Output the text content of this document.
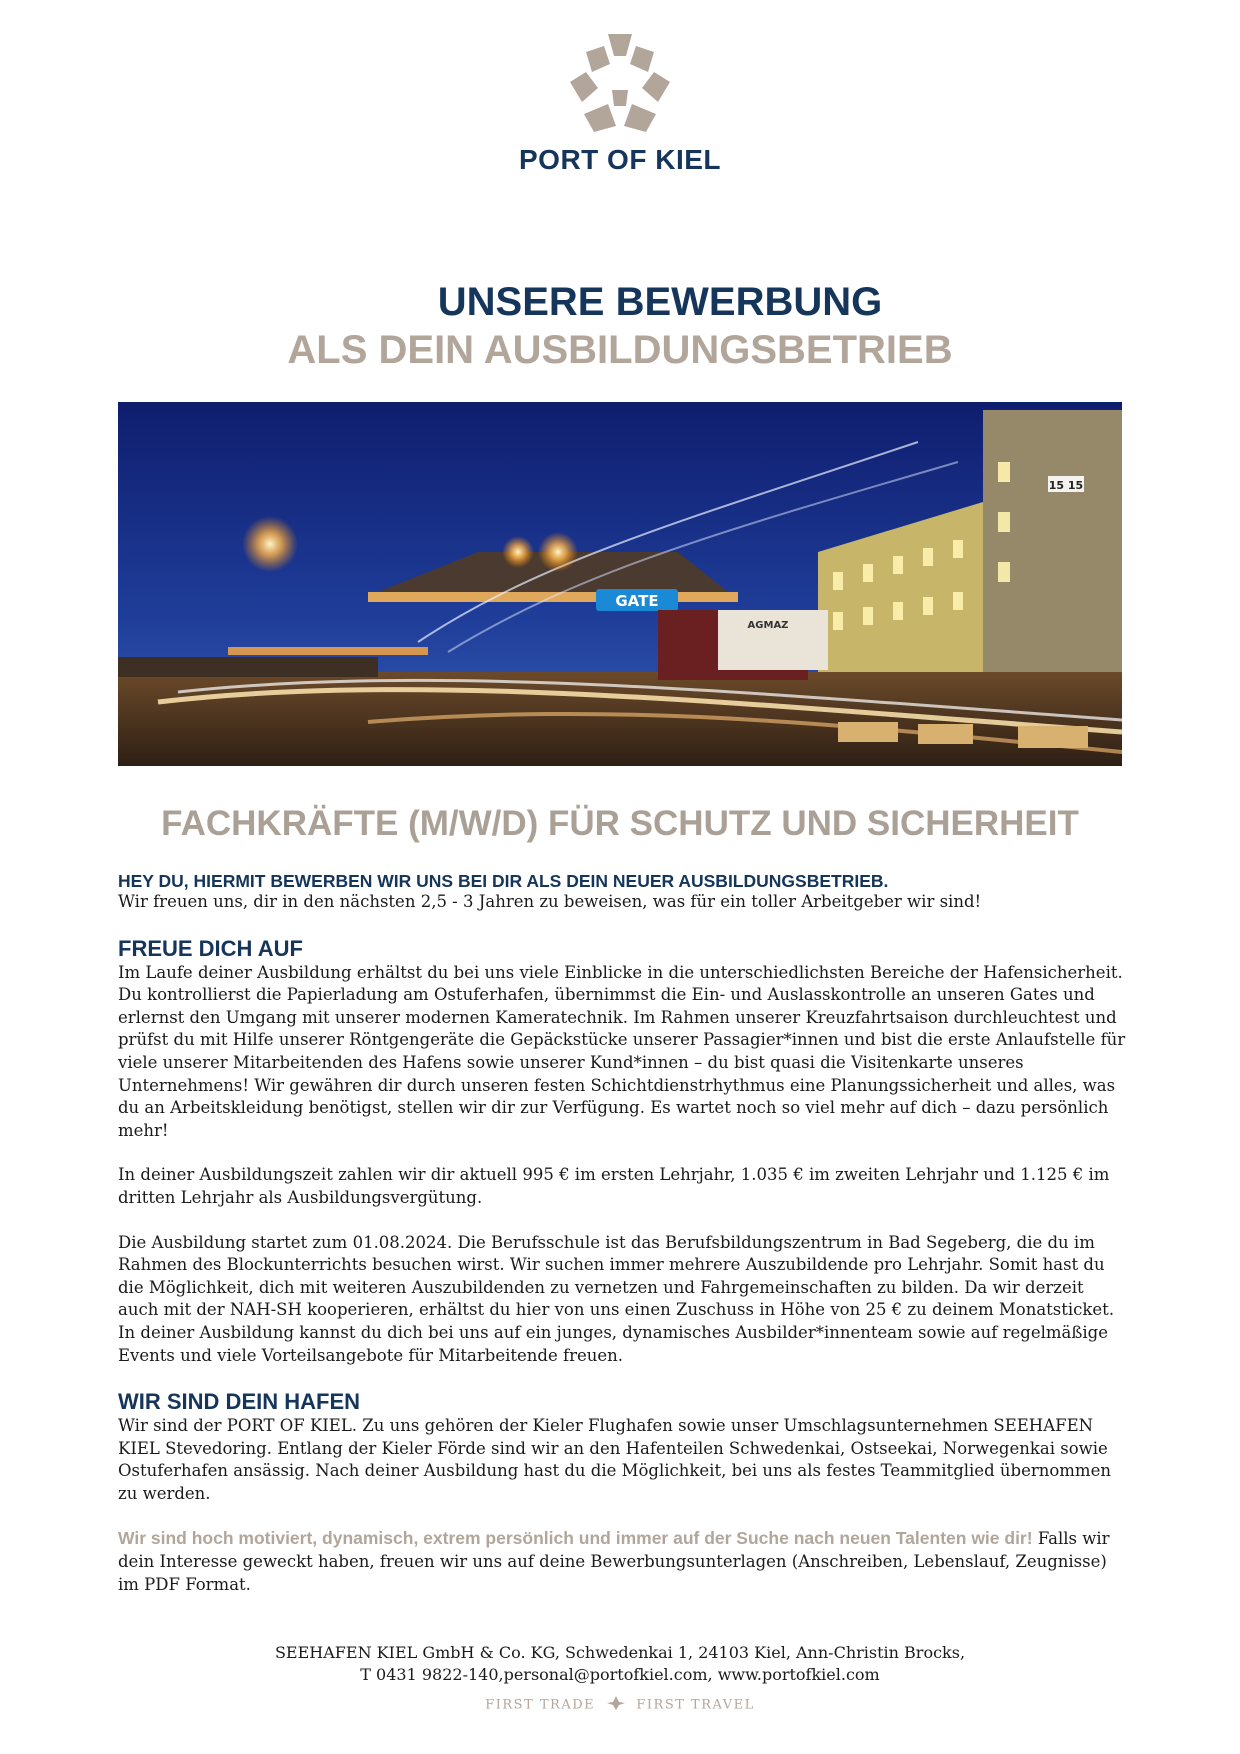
PORT OF KIEL
UNSERE BEWERBUNG
ALS DEIN AUSBILDUNGSBETRIEB
15 15
GATE
AGMAZ
FACHKRÄFTE (M/W/D) FÜR SCHUTZ UND SICHERHEIT

HEY DU, HIERMIT BEWERBEN WIR UNS BEI DIR ALS DEIN NEUER AUSBILDUNGSBETRIEB.

Wir freuen uns, dir in den nächsten 2,5 - 3 Jahren zu beweisen, was für ein toller Arbeitgeber wir sind!

FREUE DICH AUF

Im Laufe deiner Ausbildung erhältst du bei uns viele Einblicke in die unterschiedlichsten Bereiche der Hafensicherheit. Du kontrollierst die Papierladung am Ostuferhafen, übernimmst die Ein- und Auslasskontrolle an unseren Gates und erlernst den Umgang mit unserer modernen Kameratechnik. Im Rahmen unserer Kreuzfahrtsaison durchleuchtest und prüfst du mit Hilfe unserer Röntgengeräte die Gepäckstücke unserer Passagier*innen und bist die erste Anlaufstelle für viele unserer Mitarbeitenden des Hafens sowie unserer Kund*innen – du bist quasi die Visitenkarte unseres Unternehmens! Wir gewähren dir durch unseren festen Schichtdienstrhythmus eine Planungssicherheit und alles, was du an Arbeitskleidung benötigst, stellen wir dir zur Verfügung. Es wartet noch so viel mehr auf dich – dazu persönlich mehr!

In deiner Ausbildungszeit zahlen wir dir aktuell 995 € im ersten Lehrjahr, 1.035 € im zweiten Lehrjahr und 1.125 € im dritten Lehrjahr als Ausbildungsvergütung.

Die Ausbildung startet zum 01.08.2024. Die Berufsschule ist das Berufsbildungszentrum in Bad Segeberg, die du im Rahmen des Blockunterrichts besuchen wirst. Wir suchen immer mehrere Auszubildende pro Lehrjahr. Somit hast du die Möglichkeit, dich mit weiteren Auszubildenden zu vernetzen und Fahrgemeinschaften zu bilden. Da wir derzeit auch mit der NAH-SH kooperieren, erhältst du hier von uns einen Zuschuss in Höhe von 25 € zu deinem Monatsticket. In deiner Ausbildung kannst du dich bei uns auf ein junges, dynamisches Ausbilder*innenteam sowie auf regelmäßige Events und viele Vorteilsangebote für Mitarbeitende freuen.

WIR SIND DEIN HAFEN

Wir sind der PORT OF KIEL. Zu uns gehören der Kieler Flughafen sowie unser Umschlagsunternehmen SEEHAFEN KIEL Stevedoring. Entlang der Kieler Förde sind wir an den Hafenteilen Schwedenkai, Ostseekai, Norwegenkai sowie Ostuferhafen ansässig. Nach deiner Ausbildung hast du die Möglichkeit, bei uns als festes Teammitglied übernommen zu werden.

Wir sind hoch motiviert, dynamisch, extrem persönlich und immer auf der Suche nach neuen Talenten wie dir! Falls wir dein Interesse geweckt haben, freuen wir uns auf deine Bewerbungsunterlagen (Anschreiben, Lebenslauf, Zeugnisse) im PDF Format.

SEEHAFEN KIEL GmbH & Co. KG, Schwedenkai 1, 24103 Kiel, Ann-Christin Brocks,
T 0431 9822-140,personal@portofkiel.com, www.portofkiel.com
FIRST TRADE	FIRST TRAVEL
